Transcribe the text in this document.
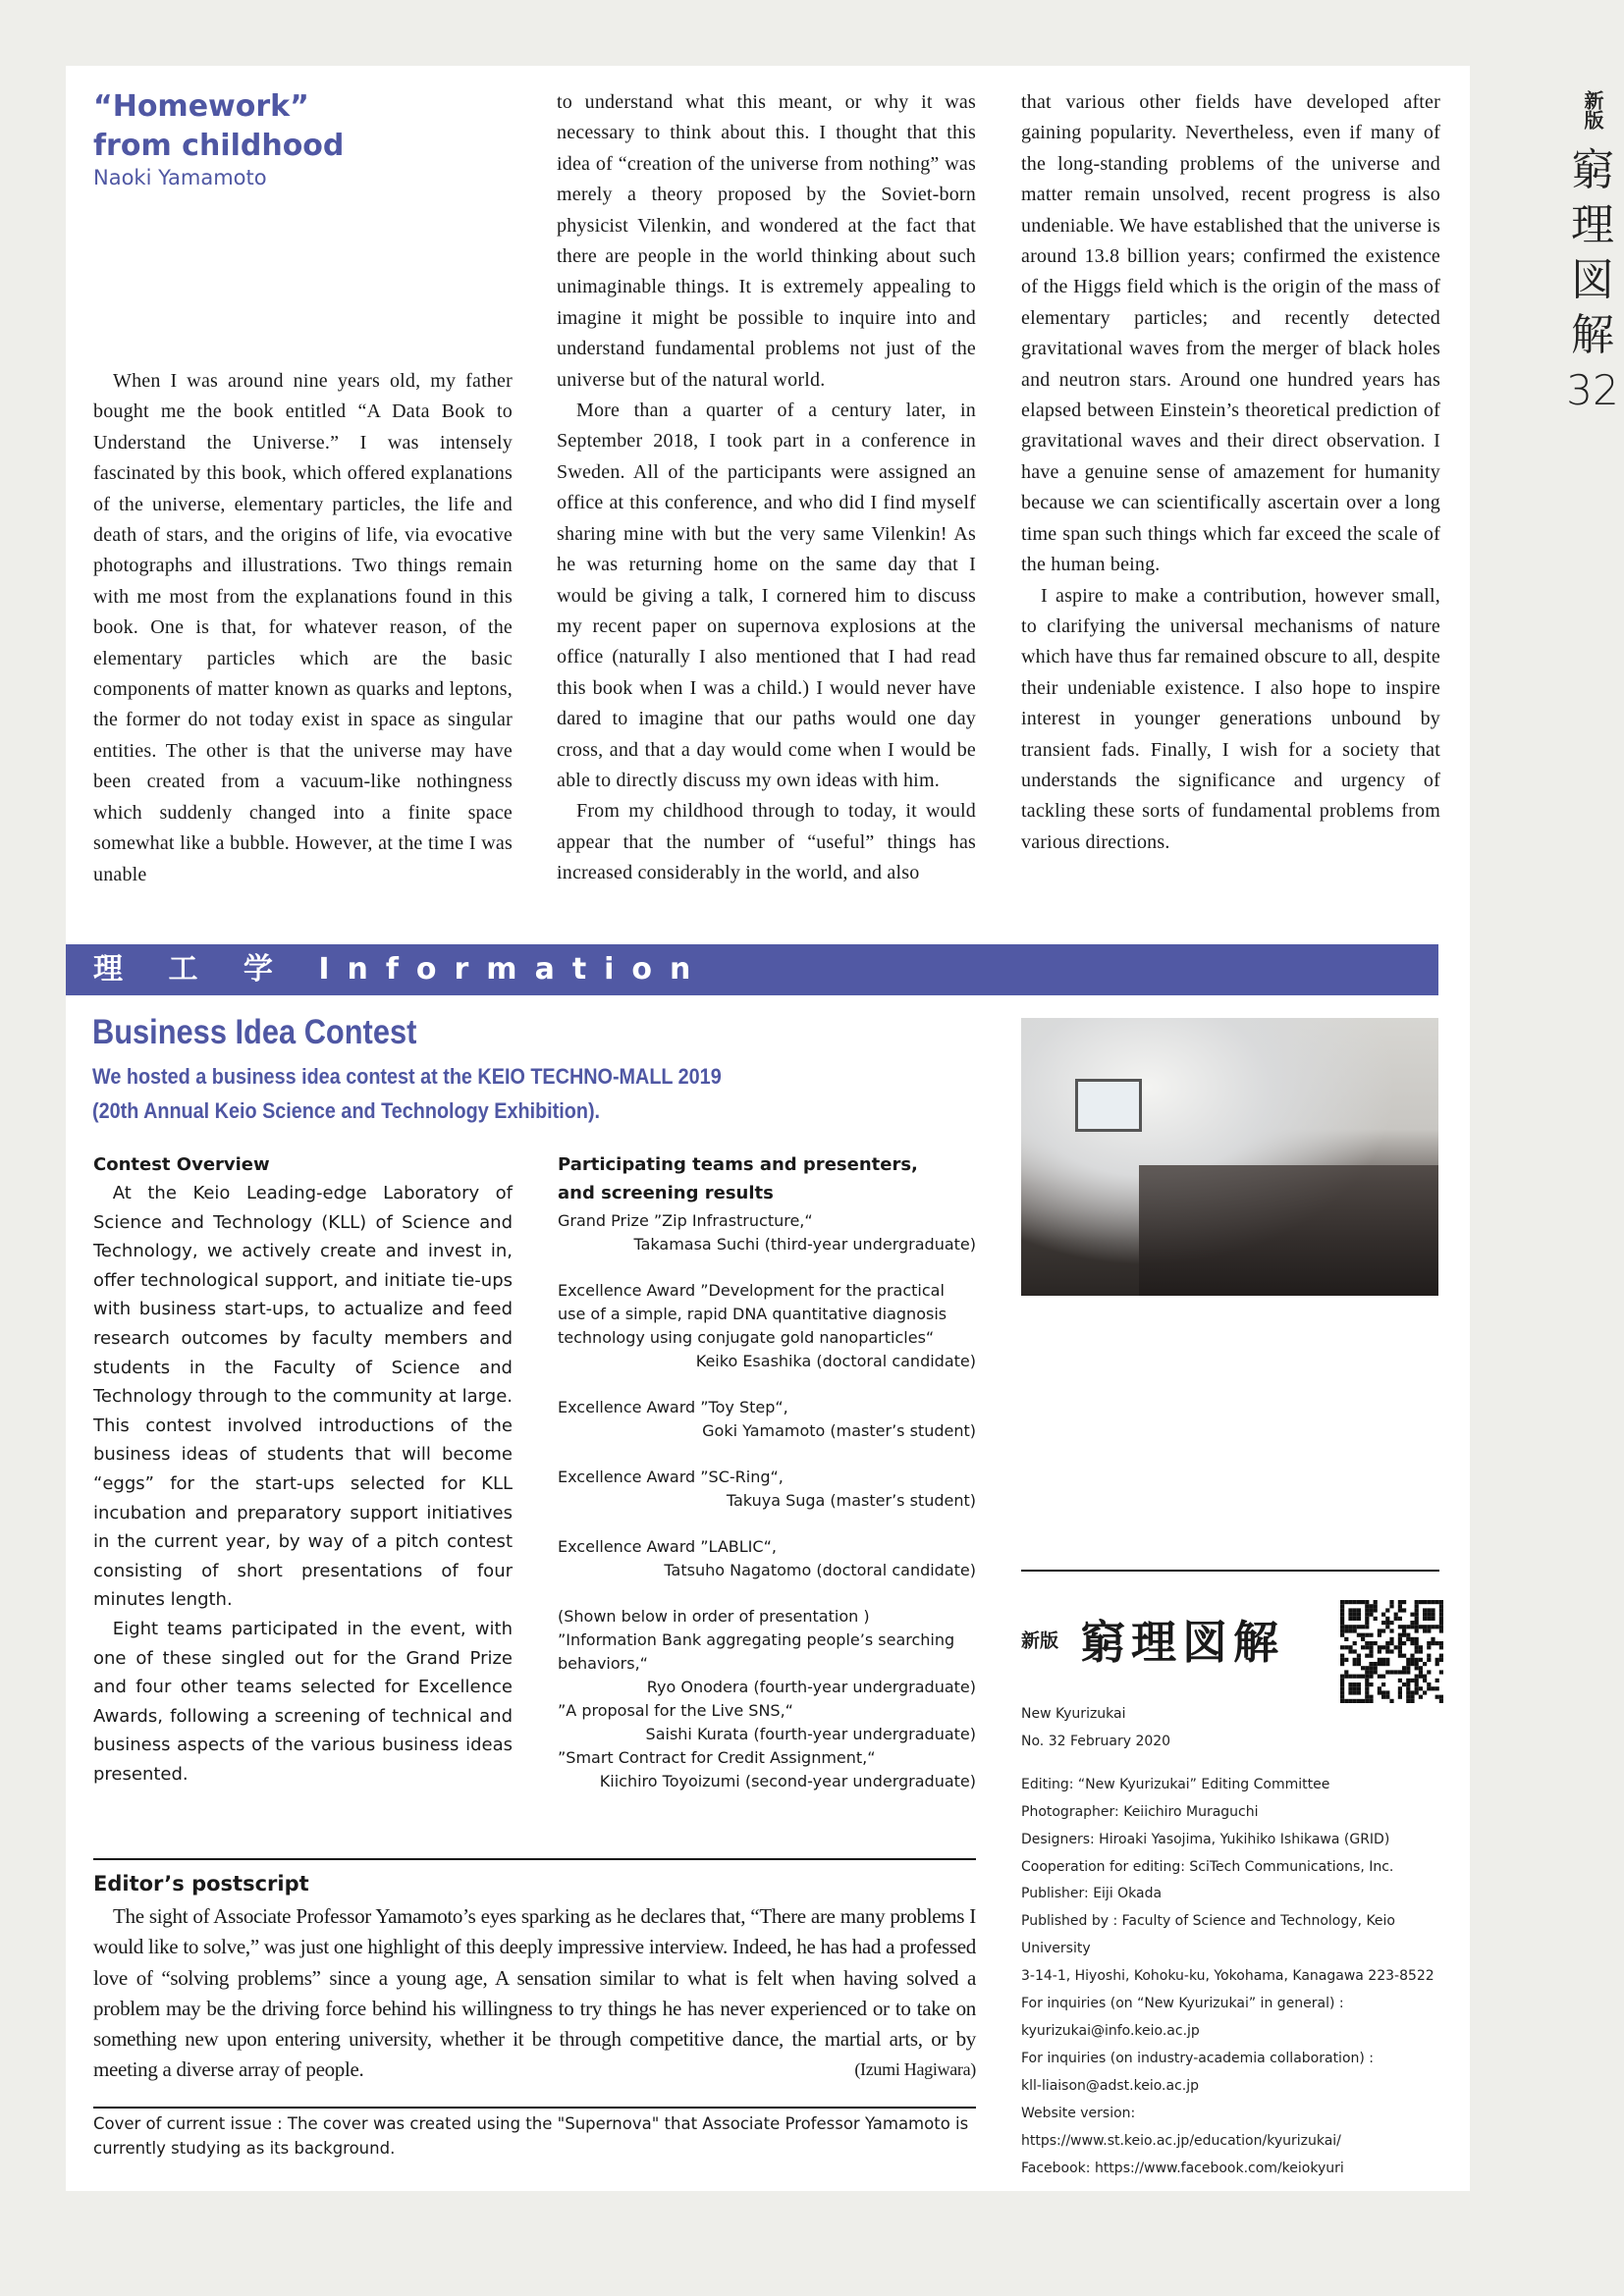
新版
窮
理
図
解
32
“Homework”
from childhood
Naoki Yamamoto

When I was around nine years old, my father bought me the book entitled “A Data Book to Understand the Universe.” I was intensely fascinated by this book, which offered explanations of the universe, elementary particles, the life and death of stars, and the origins of life, via evocative photographs and illustrations. Two things remain with me most from the explanations found in this book. One is that, for whatever reason, of the elementary particles which are the basic components of matter known as quarks and leptons, the former do not today exist in space as singular entities. The other is that the universe may have been created from a vacuum-like nothingness which suddenly changed into a finite space somewhat like a bubble. However, at the time I was unable

to understand what this meant, or why it was necessary to think about this. I thought that this idea of “creation of the universe from nothing” was merely a theory proposed by the Soviet-born physicist Vilenkin, and wondered at the fact that there are people in the world thinking about such unimaginable things. It is extremely appealing to imagine it might be possible to inquire into and understand fundamental problems not just of the universe but of the natural world.

More than a quarter of a century later, in September 2018, I took part in a conference in Sweden. All of the participants were assigned an office at this conference, and who did I find myself sharing mine with but the very same Vilenkin! As he was returning home on the same day that I would be giving a talk, I cornered him to discuss my recent paper on supernova explosions at the office (naturally I also mentioned that I had read this book when I was a child.) I would never have dared to imagine that our paths would one day cross, and that a day would come when I would be able to directly discuss my own ideas with him.

From my childhood through to today, it would appear that the number of “useful” things has increased considerably in the world, and also

that various other fields have developed after gaining popularity. Nevertheless, even if many of the long-standing problems of the universe and matter remain unsolved, recent progress is also undeniable. We have established that the universe is around 13.8 billion years; confirmed the existence of the Higgs field which is the origin of the mass of elementary particles; and recently detected gravitational waves from the merger of black holes and neutron stars. Around one hundred years has elapsed between Einstein’s theoretical prediction of gravitational waves and their direct observation. I have a genuine sense of amazement for humanity because we can scientifically ascertain over a long time span such things which far exceed the scale of the human being.

I aspire to make a contribution, however small, to clarifying the universal mechanisms of nature which have thus far remained obscure to all, despite their undeniable existence. I also hope to inspire interest in younger generations unbound by transient fads. Finally, I wish for a society that understands the significance and urgency of tackling these sorts of fundamental problems from various directions.

理 工 学 Information
Business Idea Contest
We hosted a business idea contest at the KEIO TECHNO-MALL 2019
(20th Annual Keio Science and Technology Exhibition).
Contest Overview

At the Keio Leading-edge Laboratory of Science and Technology (KLL) of Science and Technology, we actively create and invest in, offer technological support, and initiate tie-ups with business start-ups, to actualize and feed research outcomes by faculty members and students in the Faculty of Science and Technology through to the community at large. This contest involved introductions of the business ideas of students that will become “eggs” for the start-ups selected for KLL incubation and preparatory support initiatives in the current year, by way of a pitch contest consisting of short presentations of four minutes length.

Eight teams participated in the event, with one of these singled out for the Grand Prize and four other teams selected for Excellence Awards, following a screening of technical and business aspects of the various business ideas presented.

Participating teams and presenters,
and screening results
Grand Prize ”Zip Infrastructure,“
Takamasa Suchi (third-year undergraduate)
Excellence Award ”Development for the practical use of a simple, rapid DNA quantitative diagnosis technology using conjugate gold nanoparticles“
Keiko Esashika (doctoral candidate)
Excellence Award ”Toy Step“,
Goki Yamamoto (master’s student)
Excellence Award ”SC-Ring“,
Takuya Suga (master’s student)
Excellence Award ”LABLIC“,
Tatsuho Nagatomo (doctoral candidate)
(Shown below in order of presentation )
”Information Bank aggregating people’s searching behaviors,“
Ryo Onodera (fourth-year undergraduate)
”A proposal for the Live SNS,“
Saishi Kurata (fourth-year undergraduate)
”Smart Contract for Credit Assignment,“
Kiichiro Toyoizumi (second-year undergraduate)
新版 窮理図解
New Kyurizukai
No. 32 February 2020
Editing: “New Kyurizukai” Editing Committee
Photographer: Keiichiro Muraguchi
Designers: Hiroaki Yasojima, Yukihiko Ishikawa (GRID)
Cooperation for editing: SciTech Communications, Inc.
Publisher: Eiji Okada
Published by : Faculty of Science and Technology, Keio University
3-14-1, Hiyoshi, Kohoku-ku, Yokohama, Kanagawa 223-8522
For inquiries (on “New Kyurizukai” in general) :
kyurizukai@info.keio.ac.jp
For inquiries (on industry-academia collaboration) :
kll-liaison@adst.keio.ac.jp
Website version:
https://www.st.keio.ac.jp/education/kyurizukai/
Facebook: https://www.facebook.com/keiokyuri
Editor’s postscript
The sight of Associate Professor Yamamoto’s eyes sparking as he declares that, “There are many problems I would like to solve,” was just one highlight of this deeply impressive interview. Indeed, he has had a professed love of “solving problems” since a young age, A sensation similar to what is felt when having solved a problem may be the driving force behind his willingness to try things he has never experienced or to take on something new upon entering university, whether it be through competitive dance, the martial arts, or by meeting a diverse array of people.	(Izumi Hagiwara)
Cover of current issue : The cover was created using the "Supernova" that Associate Professor Yamamoto is currently studying as its background.
